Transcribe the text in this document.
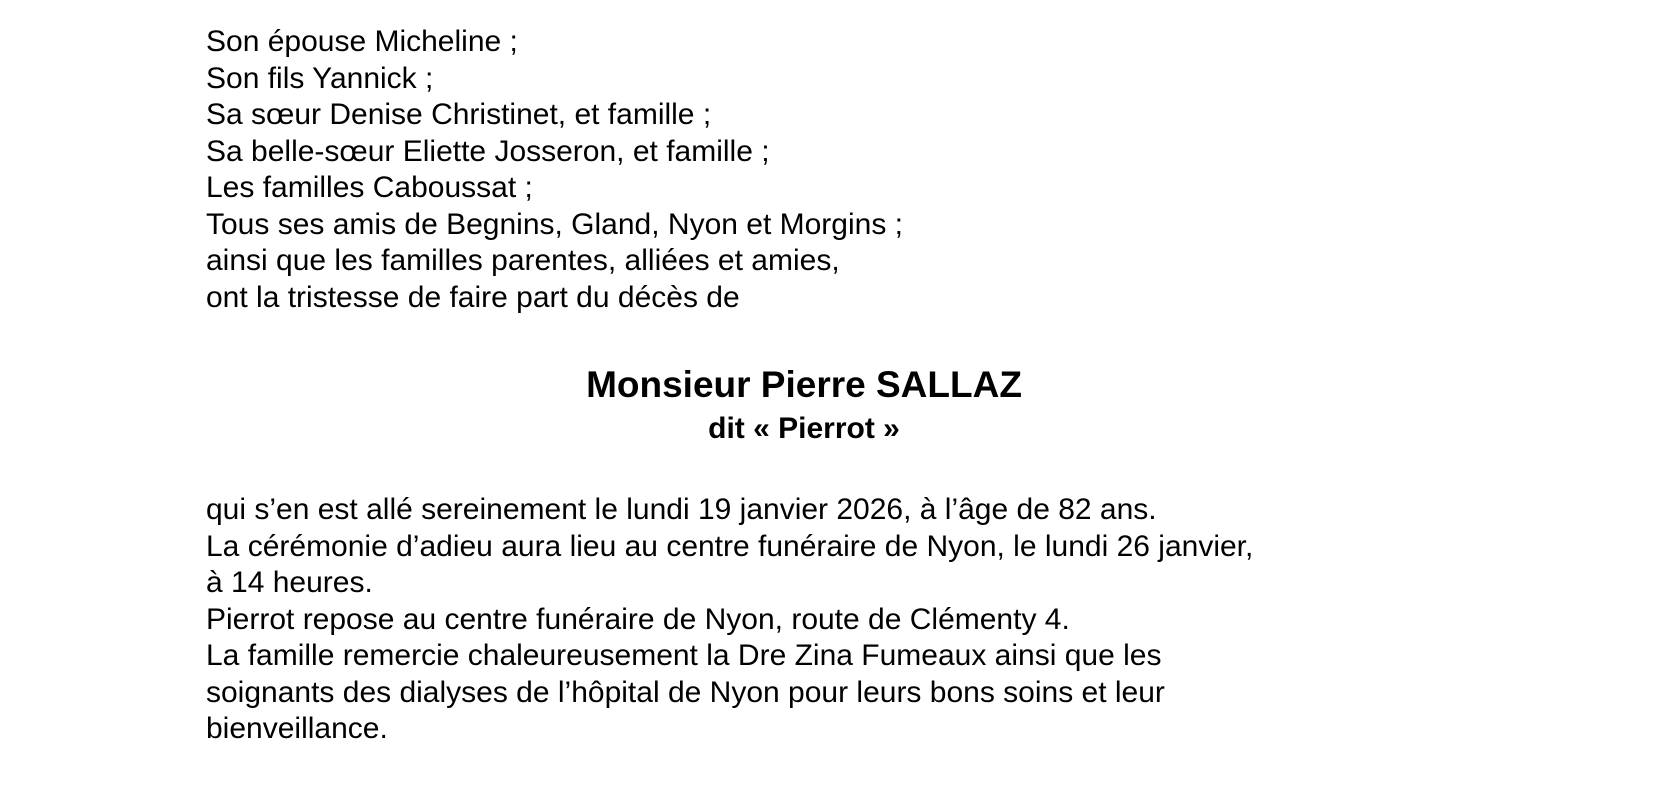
Son épouse Micheline ;
Son fils Yannick ;
Sa sœur Denise Christinet, et famille ;
Sa belle-sœur Eliette Josseron, et famille ;
Les familles Caboussat ;
Tous ses amis de Begnins, Gland, Nyon et Morgins ;
ainsi que les familles parentes, alliées et amies,
ont la tristesse de faire part du décès de
Monsieur Pierre SALLAZ
dit « Pierrot »
qui s’en est allé sereinement le lundi 19 janvier 2026, à l’âge de 82 ans.
La cérémonie d’adieu aura lieu au centre funéraire de Nyon, le lundi 26 janvier,
à 14 heures.
Pierrot repose au centre funéraire de Nyon, route de Clémenty 4.
La famille remercie chaleureusement la Dre Zina Fumeaux ainsi que les
soignants des dialyses de l’hôpital de Nyon pour leurs bons soins et leur
bienveillance.
